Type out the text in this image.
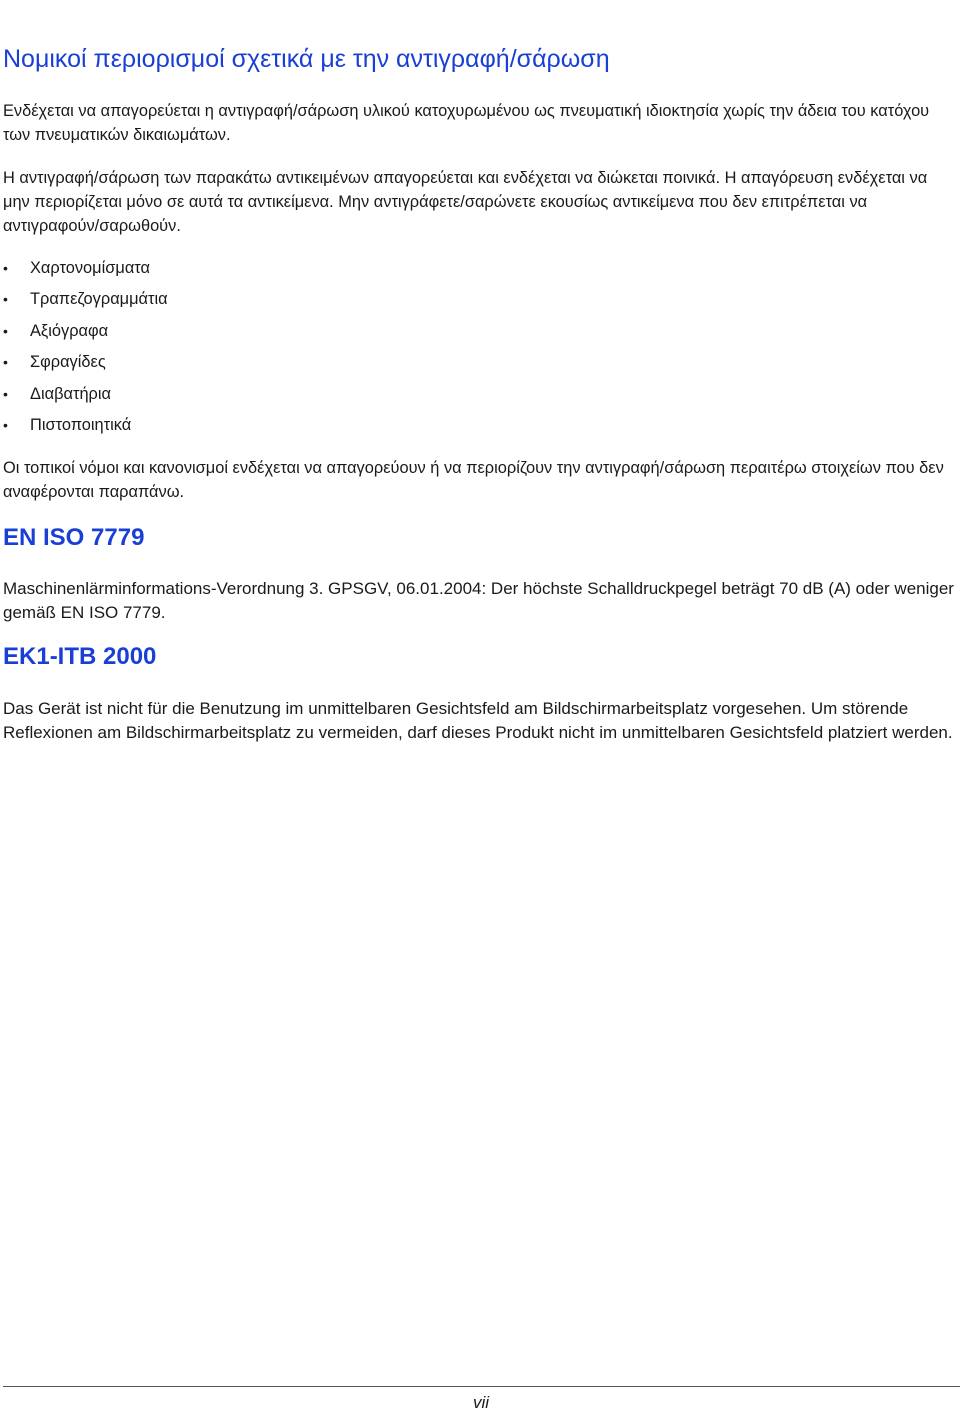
Νομικοί περιορισμοί σχετικά με την αντιγραφή/σάρωση

Ενδέχεται να απαγορεύεται η αντιγραφή/σάρωση υλικού κατοχυρωμένου ως πνευματική ιδιοκτησία χωρίς την άδεια του κατόχου των πνευματικών δικαιωμάτων.

Η αντιγραφή/σάρωση των παρακάτω αντικειμένων απαγορεύεται και ενδέχεται να διώκεται ποινικά. Η απαγόρευση ενδέχεται να μην περιορίζεται μόνο σε αυτά τα αντικείμενα. Μην αντιγράφετε/σαρώνετε εκουσίως αντικείμενα που δεν επιτρέπεται να αντιγραφούν/σαρωθούν.

• Χαρτονομίσματα
• Τραπεζογραμμάτια
• Αξιόγραφα
• Σφραγίδες
• Διαβατήρια
• Πιστοποιητικά

Οι τοπικοί νόμοι και κανονισμοί ενδέχεται να απαγορεύουν ή να περιορίζουν την αντιγραφή/σάρωση περαιτέρω στοιχείων που δεν αναφέρονται παραπάνω.

EN ISO 7779

Maschinenlärminformations-Verordnung 3. GPSGV, 06.01.2004: Der höchste Schalldruckpegel beträgt 70 dB (A) oder weniger gemäß EN ISO 7779.

EK1-ITB 2000

Das Gerät ist nicht für die Benutzung im unmittelbaren Gesichtsfeld am Bildschirmarbeitsplatz vorgesehen. Um störende Reflexionen am Bildschirmarbeitsplatz zu vermeiden, darf dieses Produkt nicht im unmittelbaren Gesichtsfeld platziert werden.

vii
